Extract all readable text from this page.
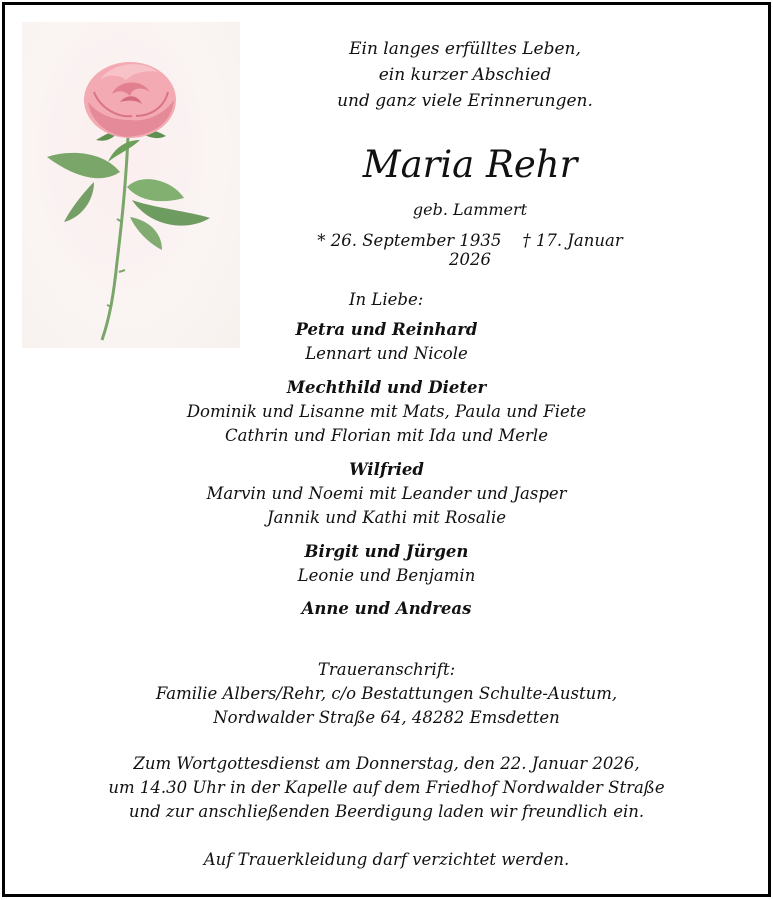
Ein langes erfülltes Leben,
ein kurzer Abschied
und ganz viele Erinnerungen.
Maria Rehr
geb. Lammert
* 26. September 1935 † 17. Januar 2026
In Liebe:
Petra und Reinhard
Lennart und Nicole
Mechthild und Dieter
Dominik und Lisanne mit Mats, Paula und Fiete
Cathrin und Florian mit Ida und Merle
Wilfried
Marvin und Noemi mit Leander und Jasper
Jannik und Kathi mit Rosalie
Birgit und Jürgen
Leonie und Benjamin
Anne und Andreas
Traueranschrift:
Familie Albers/Rehr, c/o Bestattungen Schulte-Austum,
Nordwalder Straße 64, 48282 Emsdetten
Zum Wortgottesdienst am Donnerstag, den 22. Januar 2026,
um 14.30 Uhr in der Kapelle auf dem Friedhof Nordwalder Straße
und zur anschließenden Beerdigung laden wir freundlich ein.
Auf Trauerkleidung darf verzichtet werden.
